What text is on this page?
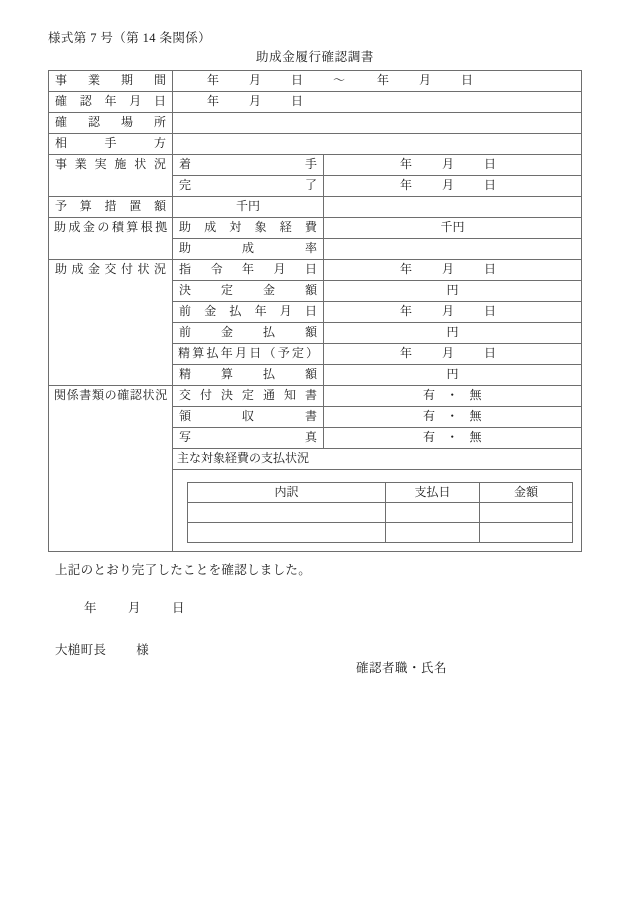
様式第 7 号（第 14 条関係）
助成金履行確認調書
事業期間	年 月 日 ～	年 月 日

確認年月日	年 月 日

確認場所

相手方

事業実施状況	着手	年 月 日

完了	年 月 日

予算措置額	千円	

助成金の積算根拠	助成対象経費	千円

助成率

助成金交付状況	指令年月日	年 月 日

決定金額	円

前金払年月日	年 月 日

前金払額	円

精算払年月日（予定）	年 月 日

精算払額	円

関係書類の確認状況	交付決定通知書	有 ・ 無

領収書	有 ・ 無

写真	有 ・ 無

主な対象経費の支払状況

内訳	支払日	金額

上記のとおり完了したことを確認しました。
年	月	日
大槌町長 様
確認者職・氏名
